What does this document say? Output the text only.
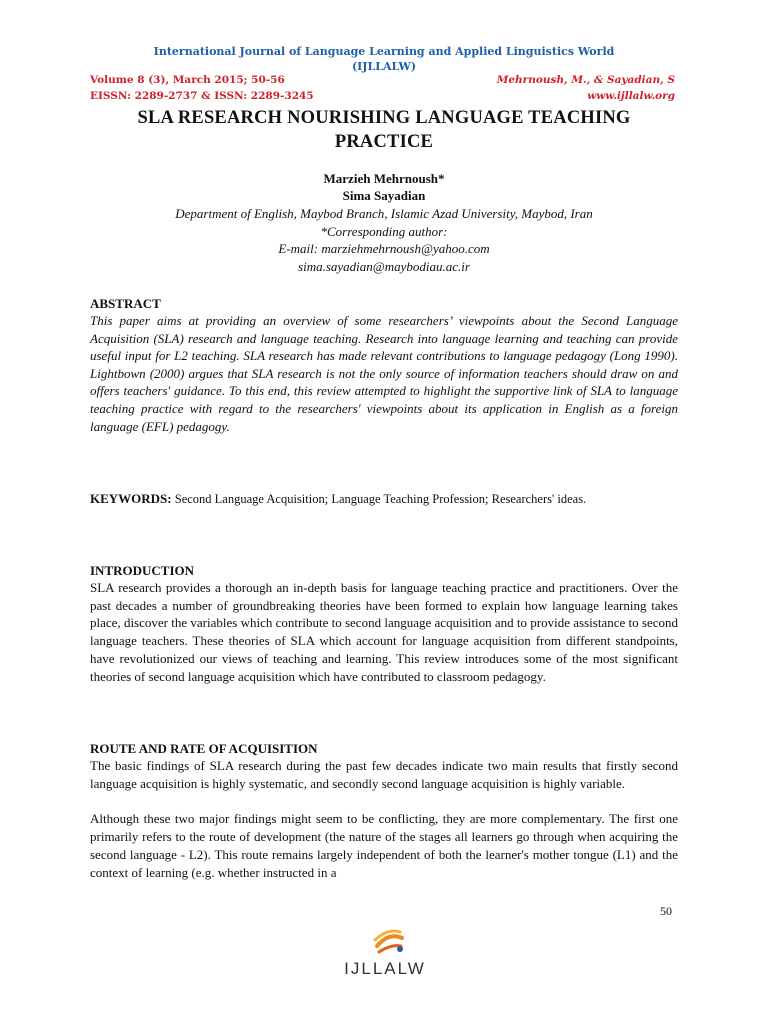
International Journal of Language Learning and Applied Linguistics World
(IJLLALW)
Volume 8 (3), March 2015; 50-56	Mehrnoush, M., & Sayadian, S
EISSN: 2289-2737 & ISSN: 2289-3245	www.ijllalw.org
SLA RESEARCH NOURISHING LANGUAGE TEACHING
PRACTICE
Marzieh Mehrnoush*
Sima Sayadian
Department of English, Maybod Branch, Islamic Azad University, Maybod, Iran
*Corresponding author:
E-mail: marziehmehrnoush@yahoo.com
sima.sayadian@maybodiau.ac.ir
ABSTRACT
This paper aims at providing an overview of some researchers’ viewpoints about the Second Language Acquisition (SLA) research and language teaching. Research into language learning and teaching can provide useful input for L2 teaching. SLA research has made relevant contributions to language pedagogy (Long 1990). Lightbown (2000) argues that SLA research is not the only source of information teachers should draw on and offers teachers' guidance. To this end, this review attempted to highlight the supportive link of SLA to language teaching practice with regard to the researchers' viewpoints about its application in English as a foreign language (EFL) pedagogy.
KEYWORDS: Second Language Acquisition; Language Teaching Profession; Researchers' ideas.
INTRODUCTION
SLA research provides a thorough an in-depth basis for language teaching practice and practitioners. Over the past decades a number of groundbreaking theories have been formed to explain how language learning takes place, discover the variables which contribute to second language acquisition and to provide assistance to second language teachers. These theories of SLA which account for language acquisition from different standpoints, have revolutionized our views of teaching and learning. This review introduces some of the most significant theories of second language acquisition which have contributed to classroom pedagogy.
ROUTE AND RATE OF ACQUISITION

The basic findings of SLA research during the past few decades indicate two main results that firstly second language acquisition is highly systematic, and secondly second language acquisition is highly variable.

Although these two major findings might seem to be conflicting, they are more complementary. The first one primarily refers to the route of development (the nature of the stages all learners go through when acquiring the second language - L2). This route remains largely independent of both the learner's mother tongue (L1) and the context of learning (e.g. whether instructed in a

50
IJLLALW
